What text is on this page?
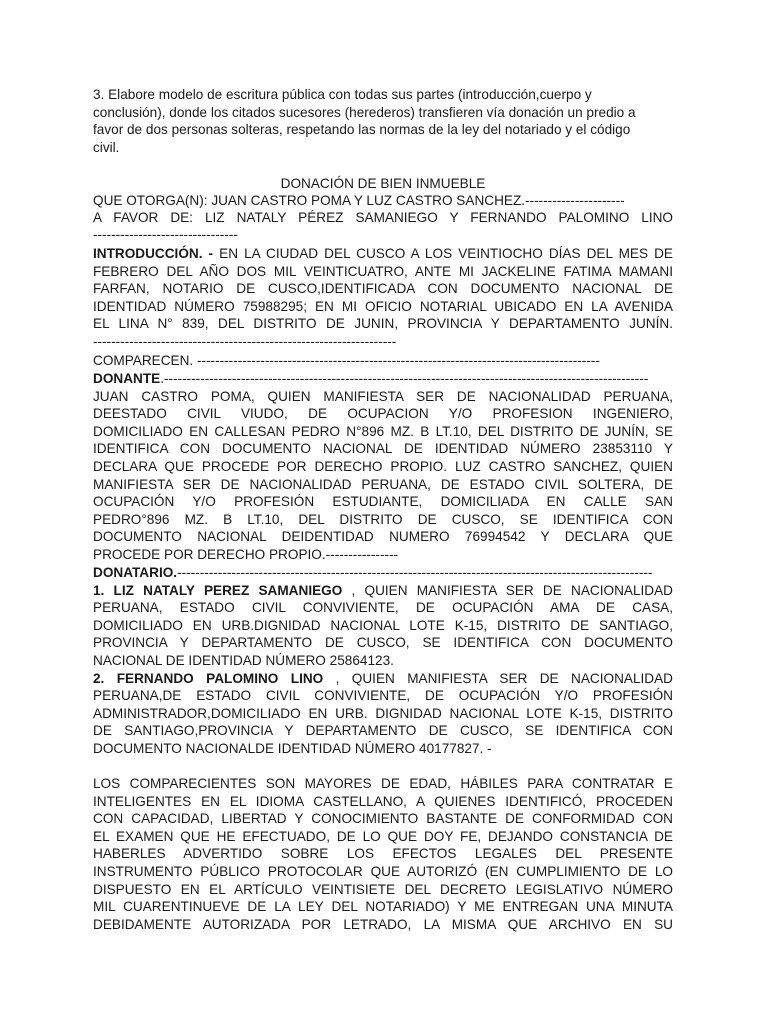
3. Elabore modelo de escritura pública con todas sus partes (introducción,cuerpo y
conclusión), donde los citados sucesores (herederos) transfieren vía donación un predio a
favor de dos personas solteras, respetando las normas de la ley del notariado y el código
civil.
DONACIÓN DE BIEN INMUEBLE
QUE OTORGA(N): JUAN CASTRO POMA Y LUZ CASTRO SANCHEZ.----------------------
A FAVOR DE: LIZ NATALY PÉREZ SAMANIEGO Y FERNANDO PALOMINO LINO
--------------------------------
INTRODUCCIÓN. - EN LA CIUDAD DEL CUSCO A LOS VEINTIOCHO DÍAS DEL MES DE
FEBRERO DEL AÑO DOS MIL VEINTICUATRO, ANTE MI JACKELINE FATIMA MAMANI
FARFAN, NOTARIO DE CUSCO,IDENTIFICADA CON DOCUMENTO NACIONAL DE
IDENTIDAD NÚMERO 75988295; EN MI OFICIO NOTARIAL UBICADO EN LA AVENIDA
EL LINA N° 839, DEL DISTRITO DE JUNIN, PROVINCIA Y DEPARTAMENTO JUNÍN.
-------------------------------------------------------------------
COMPARECEN. -----------------------------------------------------------------------------------------
DONANTE.-----------------------------------------------------------------------------------------------------------
JUAN CASTRO POMA, QUIEN MANIFIESTA SER DE NACIONALIDAD PERUANA,
DEESTADO CIVIL VIUDO, DE OCUPACION Y/O PROFESION INGENIERO,
DOMICILIADO EN CALLESAN PEDRO N°896 MZ. B LT.10, DEL DISTRITO DE JUNÍN, SE
IDENTIFICA CON DOCUMENTO NACIONAL DE IDENTIDAD NÚMERO 23853110 Y
DECLARA QUE PROCEDE POR DERECHO PROPIO. LUZ CASTRO SANCHEZ, QUIEN
MANIFIESTA SER DE NACIONALIDAD PERUANA, DE ESTADO CIVIL SOLTERA, DE
OCUPACIÓN Y/O PROFESIÓN ESTUDIANTE, DOMICILIADA EN CALLE SAN
PEDRO°896 MZ. B LT.10, DEL DISTRITO DE CUSCO, SE IDENTIFICA CON
DOCUMENTO NACIONAL DEIDENTIDAD NUMERO 76994542 Y DECLARA QUE
PROCEDE POR DERECHO PROPIO.----------------
DONATARIO.---------------------------------------------------------------------------------------------------------
1. LIZ NATALY PEREZ SAMANIEGO , QUIEN MANIFIESTA SER DE NACIONALIDAD
PERUANA, ESTADO CIVIL CONVIVIENTE, DE OCUPACIÓN AMA DE CASA,
DOMICILIADO EN URB.DIGNIDAD NACIONAL LOTE K-15, DISTRITO DE SANTIAGO,
PROVINCIA Y DEPARTAMENTO DE CUSCO, SE IDENTIFICA CON DOCUMENTO
NACIONAL DE IDENTIDAD NÚMERO 25864123.
2. FERNANDO PALOMINO LINO , QUIEN MANIFIESTA SER DE NACIONALIDAD
PERUANA,DE ESTADO CIVIL CONVIVIENTE, DE OCUPACIÓN Y/O PROFESIÓN
ADMINISTRADOR,DOMICILIADO EN URB. DIGNIDAD NACIONAL LOTE K-15, DISTRITO
DE SANTIAGO,PROVINCIA Y DEPARTAMENTO DE CUSCO, SE IDENTIFICA CON
DOCUMENTO NACIONALDE IDENTIDAD NÚMERO 40177827. -
LOS COMPARECIENTES SON MAYORES DE EDAD, HÁBILES PARA CONTRATAR E
INTELIGENTES EN EL IDIOMA CASTELLANO, A QUIENES IDENTIFICÓ, PROCEDEN
CON CAPACIDAD, LIBERTAD Y CONOCIMIENTO BASTANTE DE CONFORMIDAD CON
EL EXAMEN QUE HE EFECTUADO, DE LO QUE DOY FE, DEJANDO CONSTANCIA DE
HABERLES ADVERTIDO SOBRE LOS EFECTOS LEGALES DEL PRESENTE
INSTRUMENTO PÚBLICO PROTOCOLAR QUE AUTORIZÓ (EN CUMPLIMIENTO DE LO
DISPUESTO EN EL ARTÍCULO VEINTISIETE DEL DECRETO LEGISLATIVO NÚMERO
MIL CUARENTINUEVE DE LA LEY DEL NOTARIADO) Y ME ENTREGAN UNA MINUTA
DEBIDAMENTE AUTORIZADA POR LETRADO, LA MISMA QUE ARCHIVO EN SU
